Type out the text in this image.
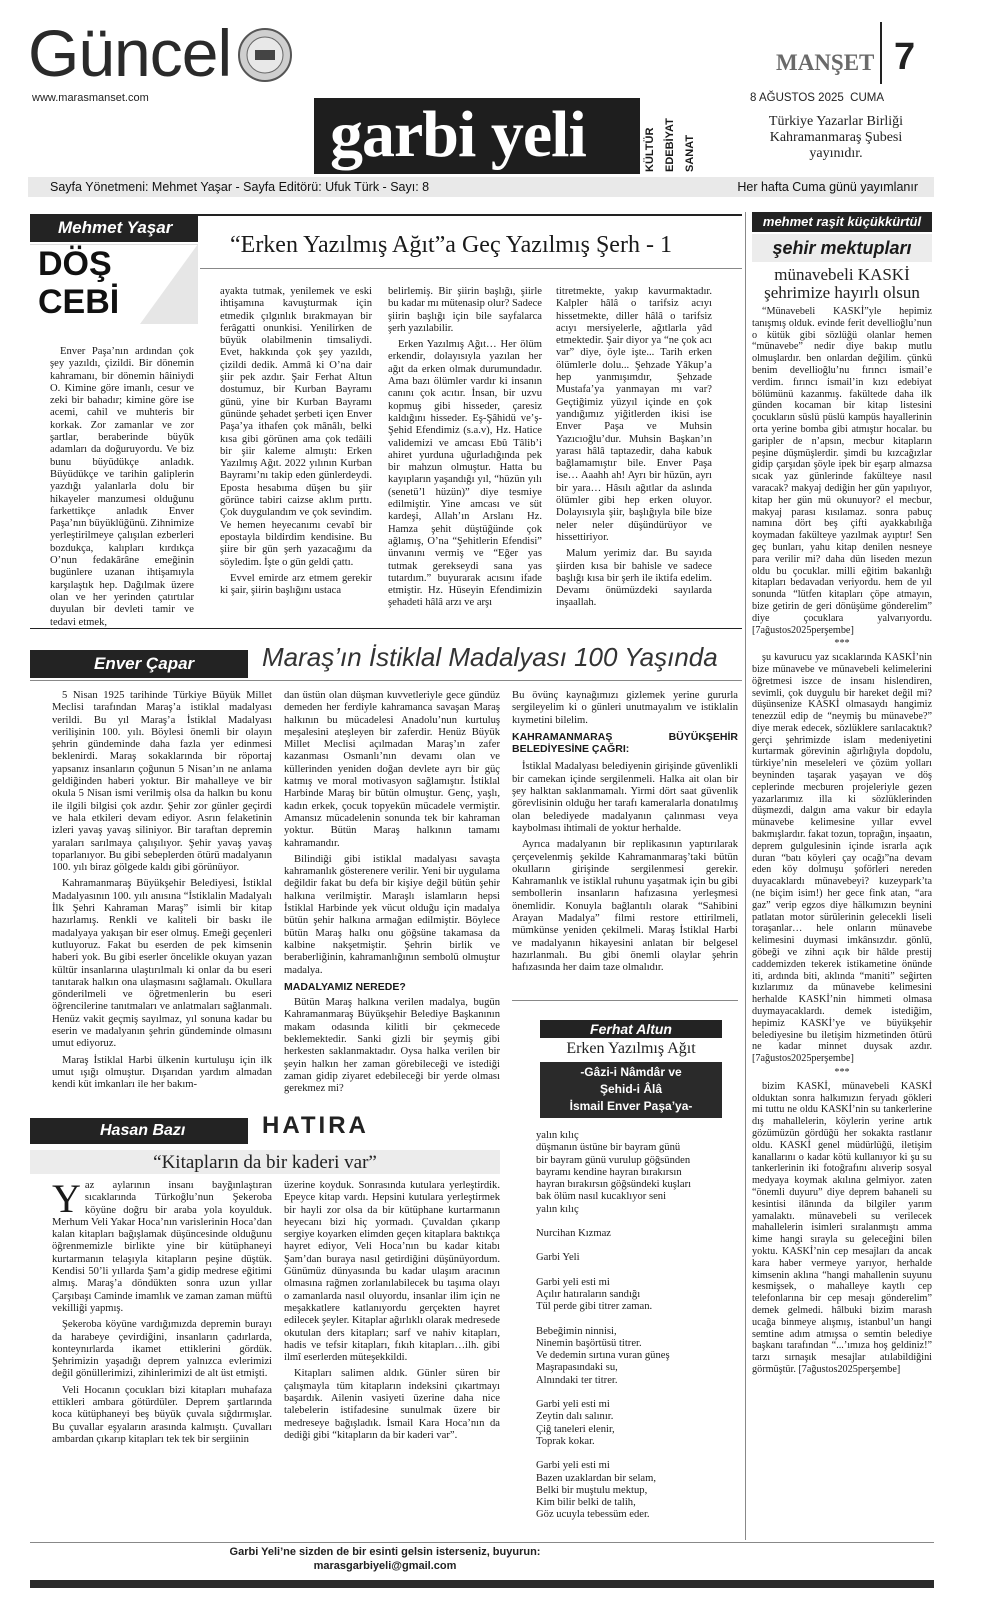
Güncel
www.marasmanset.com	garbi yeli	KÜLTÜR EDEBİYAT SANAT
MANŞET 7
8 AĞUSTOS 2025  CUMA
Türkiye Yazarlar Birliği Kahramanmaraş Şubesi yayınıdır.
Sayfa Yönetmeni: Mehmet Yaşar - Sayfa Editörü: Ufuk Türk - Sayı: 8	Her hafta Cuma günü yayımlanır
Mehmet Yaşar
DÖŞ
CEBİ
“Erken Yazılmış Ağıt”a Geç Yazılmış Şerh - 1

Enver Paşa’nın ardından çok şey yazıldı, çizildi. Bir dönemin kahramanı, bir dönemin hâiniydi O. Kimine göre imanlı, cesur ve zeki bir bahadır; kimine göre ise acemi, cahil ve muhteris bir korkak. Zor zamanlar ve zor şartlar, beraberinde büyük adamları da doğuruyordu. Ve biz bunu büyüdükçe anladık. Büyüdükçe ve tarihin galiplerin yazdığı yalanlarla dolu bir hikayeler manzumesi olduğunu farkettikçe anladık Enver Paşa’nın büyüklüğünü. Zihnimize yerleştirilmeye çalışılan ezberleri bozdukça, kalıpları kırdıkça O’nun fedakârâne emeğinin bugünlere uzanan ihtişamıyla karşılaştık hep. Dağılmak üzere olan ve her yerinden çatırtılar duyulan bir devleti tamir ve tedavi etmek,

ayakta tutmak, yenilemek ve eski ihtişamına kavuşturmak için etmedik çılgınlık bırakmayan bir ferâgatti onunkisi. Yenilirken de büyük olabilmenin timsaliydi. Evet, hakkında çok şey yazıldı, çizildi dedik. Ammâ ki O’na dair şiir pek azdır. Şair Ferhat Altun dostumuz, bir Kurban Bayramı günü, yine bir Kurban Bayramı gününde şehadet şerbeti içen Enver Paşa’ya ithafen çok mânâlı, belki kısa gibi görünen ama çok tedâili bir şiir kaleme almıştı: Erken Yazılmış Ağıt. 2022 yılının Kurban Bayramı’nı takip eden günlerdeydi. Eposta hesabıma düşen bu şiir görünce tabiri caizse aklım pırttı. Çok duygulandım ve çok sevindim. Ve hemen heyecanımı cevabî bir epostayla bildirdim kendisine. Bu şiire bir gün şerh yazacağımı da söyledim. İşte o gün geldi çattı.

Evvel emirde arz etmem gerekir ki şair, şiirin başlığını ustaca

belirlemiş. Bir şiirin başlığı, şiirle bu kadar mı mütenasip olur? Sadece şiirin başlığı için bile sayfalarca şerh yazılabilir.

Erken Yazılmış Ağıt… Her ölüm erkendir, dolayısıyla yazılan her ağıt da erken olmak durumundadır. Ama bazı ölümler vardır ki insanın canını çok acıtır. İnsan, bir uzvu kopmuş gibi hisseder, çaresiz kaldığını hisseder. Eş-Şâhidü ve’ş-Şehid Efendimiz (s.a.v), Hz. Hatice validemizi ve amcası Ebû Tâlib’i ahiret yurduna uğurladığında pek bir mahzun olmuştur. Hatta bu kayıpların yaşandığı yıl, “hüzün yılı (senetü’l hüzün)” diye tesmiye edilmiştir. Yine amcası ve süt kardeşi, Allah’ın Arslanı Hz. Hamza şehit düştüğünde çok ağlamış, O’na “Şehitlerin Efendisi” ünvanını vermiş ve “Eğer yas tutmak gerekseydi sana yas tutardım.” buyurarak acısını ifade etmiştir. Hz. Hüseyin Efendimizin şehadeti hâlâ arzı ve arşı

titretmekte, yakıp kavurmaktadır. Kalpler hâlâ o tarifsiz acıyı hissetmekte, diller hâlâ o tarifsiz acıyı mersiyelerle, ağıtlarla yâd etmektedir. Şair diyor ya “ne çok acı var” diye, öyle işte... Tarih erken ölümlerle dolu... Şehzade Yâkup’a hep yanmışımdır, Şehzade Mustafa’ya yanmayan mı var? Geçtiğimiz yüzyıl içinde en çok yandığımız yiğitlerden ikisi ise Enver Paşa ve Muhsin Yazıcıoğlu’dur. Muhsin Başkan’ın yarası hâlâ taptazedir, daha kabuk bağlamamıştır bile. Enver Paşa ise… Aaahh ah! Ayrı bir hüzün, ayrı bir yara… Hâsılı ağıtlar da aslında ölümler gibi hep erken oluyor. Dolayısıyla şiir, başlığıyla bile bize neler neler düşündürüyor ve hissettiriyor.

Malum yerimiz dar. Bu sayıda şiirden kısa bir bahisle ve sadece başlığı kısa bir şerh ile iktifa edelim. Devamı önümüzdeki sayılarda inşaallah.

mehmet raşit küçükkürtül
şehir mektupları
münavebeli KASKİ şehrimize hayırlı olsun

“Münavebeli KASKİ”yle hepimiz tanışmış olduk. evinde ferit devellioğlu’nun o kütük gibi sözlüğü olanlar hemen “münavebe” nedir diye bakıp mutlu olmuşlardır. ben onlardan değilim. çünkü benim devellioğlu’nu fırıncı ismail’e verdim. fırıncı ismail’in kızı edebiyat bölümünü kazanmış. fakültede daha ilk günden kocaman bir kitap listesini çocukların süslü püslü kampüs hayallerinin orta yerine bomba gibi atmıştır hocalar. bu garipler de n’apsın, mecbur kitapların peşine düşmüşlerdir. şimdi bu kızcağızlar gidip çarşıdan şöyle ipek bir eşarp almazsa sıcak yaz günlerinde fakülteye nasıl varacak? makyaj dediğin her gün yapılıyor, kitap her gün mü okunuyor? el mecbur, makyaj parası kısılamaz. sonra pabuç namına dört beş çifti ayakkabılığa koymadan fakülteye yazılmak ayıptır! Sen geç bunları, yahu kitap denilen nesneye para verilir mi? daha dün liseden mezun oldu bu çocuklar. milli eğitim bakanlığı kitapları bedavadan veriyordu. hem de yıl sonunda “lütfen kitapları çöpe atmayın, bize getirin de geri dönüşüme gönderelim” diye çocuklara yalvarıyordu. [7ağustos2025perşembe]

***

şu kavurucu yaz sıcaklarında KASKİ’nin bize münavebe ve münavebeli kelimelerini öğretmesi iszce de insanı hislendiren, sevimli, çok duygulu bir hareket değil mi? düşünsenize KASKİ olmasaydı hangimiz tenezzül edip de “neymiş bu münavebe?” diye merak edecek, sözlüklere sarılacaktık? gerçi şehrimizde islam medeniyetini kurtarmak görevinin ağırlığıyla dopdolu, türkiye’nin meseleleri ve çözüm yolları beyninden taşarak yaşayan ve döş ceplerinde mecburen projeleriyle gezen yazarlarımız illa ki sözlüklerinden düşmezdi, dalgın ama vakur bir edayla münavebe kelimesine yıllar evvel bakmışlardır. fakat tozun, toprağın, inşaatın, deprem gulgulesinin içinde israrla açık duran “batı köyleri çay ocağı”na devam eden köy dolmuşu şoförleri nereden duyacaklardı münavebeyi? kuzeypark’ta (ne biçim isim!) her gece fink atan, “ara gaz” verip egzos diye hälkımızın beynini patlatan motor sürülerinin gelecekli liseli toraşanlar… hele onların münavebe kelimesini duymasi imkânsızdır. gönlü, göbeği ve zihni açık bir hâlde prestij caddemizden tekerek istikametine önünde iti, ardında biti, aklında “maniti” seğirten kızlarımız da münavebe kelimesini herhalde KASKİ’nin himmeti olmasa duymayacaklardı. demek istediğim, hepimiz KASKİ’ye ve büyükşehir belediyesine bu iletişim hizmetinden ötürü ne kadar minnet duysak azdır. [7ağustos2025perşembe]

***

bizim KASKİ, münavebeli KASKİ olduktan sonra halkımızın feryadı gökleri mi tuttu ne oldu KASKİ’nin su tankerlerine dış mahallelerin, köylerin yerine artık gözümüzün gördüğü her sokakta rastlanır oldu. KASKİ genel müdürlüğü, iletişim kanallarını o kadar kötü kullanıyor ki şu su tankerlerinin iki fotoğrafını alıverip sosyal medyaya koymak akılına gelmiyor. zaten “önemli duyuru” diye deprem bahaneli su kesintisi ilânında da bilgiler yarım yamalaktı. münavebeli su verilecek mahallelerin isimleri sıralanmıştı amma kime hangi sırayla su geleceğini bilen yoktu. KASKİ’nin cep mesajları da ancak kara haber vermeye yarıyor, herhalde kimsenin aklına “hangi mahallenin suyunu kesmişsek, o mahalleye kaytlı cep telefonlarına bir cep mesajı gönderelim” demek gelmedi. hâlbuki bizim marash ucağa binmeye alışmış, istanbul’un hangi semtine adım atmışsa o semtin belediye başkanı tarafından “...’ımıza hoş geldiniz!” tarzı sırnaşık mesajlar atılabildiğini görmüştür. [7ağustos2025perşembe]

Enver Çapar	Maraş’ın İstiklal Madalyası 100 Yaşında

5 Nisan 1925 tarihinde Türkiye Büyük Millet Meclisi tarafından Maraş’a istiklal madalyası verildi. Bu yıl Maraş’a İstiklal Madalyası verilişinin 100. yılı. Böylesi önemli bir olayın şehrin gündeminde daha fazla yer edinmesi beklenirdi. Maraş sokaklarında bir röportaj yapsanız insanların çoğunun 5 Nisan’ın ne anlama geldiğinden haberi yoktur. Bir mahalleye ve bir okula 5 Nisan ismi verilmiş olsa da halkın bu konu ile ilgili bilgisi çok azdır. Şehir zor günler geçirdi ve hala etkileri devam ediyor. Asrın felaketinin izleri yavaş yavaş siliniyor. Bir taraftan depremin yaraları sarılmaya çalışılıyor. Şehir yavaş yavaş toparlanıyor. Bu gibi sebeplerden ötürü madalyanın 100. yılı biraz gölgede kaldı gibi görünüyor.

Kahramanmaraş Büyükşehir Belediyesi, İstiklal Madalyasının 100. yılı anısına “İstiklalin Madalyalı İlk Şehri Kahraman Maraş” isimli bir kitap hazırlamış. Renkli ve kaliteli bir baskı ile madalyaya yakışan bir eser olmuş. Emeği geçenleri kutluyoruz. Fakat bu eserden de pek kimsenin haberi yok. Bu gibi eserler öncelikle okuyan yazan kültür insanlarına ulaştırılmalı ki onlar da bu eseri tanıtarak halkın ona ulaşmasını sağlamalı. Okullara gönderilmeli ve öğretmenlerin bu eseri öğrencilerine tanıtmaları ve anlatmaları sağlanmalı. Henüz vakit geçmiş sayılmaz, yıl sonuna kadar bu eserin ve madalyanın şehrin gündeminde olmasını umut ediyoruz.

Maraş İstiklal Harbi ülkenin kurtuluşu için ilk umut ışığı olmuştur. Dışarıdan yardım almadan kendi küt imkanları ile her bakım-

dan üstün olan düşman kuvvetleriyle gece gündüz demeden her ferdiyle kahramanca savaşan Maraş halkının bu mücadelesi Anadolu’nun kurtuluş meşalesini ateşleyen bir zaferdir. Henüz Büyük Millet Meclisi açılmadan Maraş’ın zafer kazanması Osmanlı’nın devamı olan ve küllerinden yeniden doğan devlete ayrı bir güç katmış ve moral motivasyon sağlamıştır. İstiklal Harbinde Maraş bir bütün olmuştur. Genç, yaşlı, kadın erkek, çocuk topyekün mücadele vermiştir. Amansız mücadelenin sonunda tek bir kahraman yoktur. Bütün Maraş halkının tamamı kahramandır.

Bilindiği gibi istiklal madalyası savaşta kahramanlık gösterenere verilir. Yeni bir uygulama değildir fakat bu defa bir kişiye değil bütün şehir halkına verilmiştir. Maraşlı islamların hepsi İstiklal Harbinde yek vücut olduğu için madalya bütün şehir halkına armağan edilmiştir. Böylece bütün Maraş halkı onu göğsüne takamasa da kalbine nakşetmiştir. Şehrin birlik ve beraberliğinin, kahramanlığının sembolü olmuştur madalya.

MADALYAMIZ NEREDE?

Bütün Maraş halkına verilen madalya, bugün Kahramanmaraş Büyükşehir Belediye Başkanının makam odasında kilitli bir çekmecede beklemektedir. Sanki gizli bir şeymiş gibi herkesten saklanmaktadır. Oysa halka verilen bir şeyin halkın her zaman görebileceği ve istediği zaman gidip ziyaret edebileceği bir yerde olması gerekmez mi?

Bu övünç kaynağımızı gizlemek yerine gururla sergileyelim ki o günleri unutmayalım ve istiklalin kıymetini bilelim.

KAHRAMANMARAŞ BÜYÜKŞEHİR BELEDİYESİNE ÇAĞRI:

İstiklal Madalyası belediyenin girişinde güvenlikli bir camekan içinde sergilenmeli. Halka ait olan bir şey halktan saklanmamalı. Yirmi dört saat güvenlik görevlisinin olduğu her tarafı kameralarla donatılmış olan belediyede madalyanın çalınması veya kaybolması ihtimali de yoktur herhalde.

Ayrıca madalyanın bir replikasının yaptırılarak çerçevelenmiş şekilde Kahramanmaraş’taki bütün okulların girişinde sergilenmesi gerekir. Kahramanlık ve istiklal ruhunu yaşatmak için bu gibi sembollerin insanların hafızasına yerleşmesi önemlidir. Konuyla bağlantılı olarak “Sahibini Arayan Madalya” filmi restore ettirilmeli, mümkünse yeniden çekilmeli. Maraş İstiklal Harbi ve madalyanın hikayesini anlatan bir belgesel hazırlanmalı. Bu gibi önemli olaylar şehrin hafızasında her daim taze olmalıdır.

Ferhat Altun
Erken Yazılmış Ağıt
-Gâzi-i Nâmdâr ve
Şehid-i Âlâ
İsmail Enver Paşa’ya-
yalın kılıç
düşmanın üstüne bir bayram günü
bir bayram günü vurulup göğsünden
bayramı kendine hayran bırakırsın
hayran bırakırsın göğsündeki kuşları
bak ölüm nasıl kucaklıyor seni
yalın kılıç
Nurcihan Kızmaz
Garbi Yeli
Garbi yeli esti mi
Açılır hatıraların sandığı
Tül perde gibi titrer zaman.
Bebeğimin ninnisi,
Ninemin başörtüsü titrer.
Ve dedemin sırtına vuran güneş
Maşrapasındaki su,
Alnındaki ter titrer.
Garbi yeli esti mi
Zeytin dalı salınır.
Çiğ taneleri elenir,
Toprak kokar.
Garbi yeli esti mi
Bazen uzaklardan bir selam,
Belki bir muştulu mektup,
Kim bilir belki de talih,
Göz ucuyla tebessüm eder.
Hasan Bazı	HATIRA
“Kitapların da bir kaderi var”
Y az aylarının insanı bayğınlaştıran sıcaklarında Türkoğlu’nun Şekeroba köyüne doğru bir araba yola koyulduk. Merhum Veli Yakar Hoca’nın varislerinin Hoca’dan kalan kitapları bağışlamak düşüncesinde olduğunu öğrenmemizle birlikte yine bir kütüphaneyi kurtarmanın telaşıyla kitapların peşine düştük. Kendisi 50’li yıllarda Şam’a gidip medrese eğitimi almış. Maraş’a döndükten sonra uzun yıllar Çarşıbaşı Caminde imamlık ve zaman zaman müftü vekilliği yapmış.

Şekeroba köyüne vardığımızda depremin burayı da harabeye çevirdiğini, insanların çadırlarda, konteynırlarda ikamet ettiklerini gördük. Şehrimizin yaşadığı deprem yalnızca evlerimizi değil gönüllerimizi, zihinlerimizi de alt üst etmişti.

Veli Hocanın çocukları bizi kitapları muhafaza ettikleri ambara götürdüler. Deprem şartlarında koca kütüphaneyi beş büyük çuvala sığdırmışlar. Bu çuvallar eşyaların arasında kalmıştı. Çuvalları ambardan çıkarıp kitapları tek tek bir sergiinin

üzerine koyduk. Sonrasında kutulara yerleştirdik. Epeyce kitap vardı. Hepsini kutulara yerleştirmek bir hayli zor olsa da bir kütüphane kurtarmanın heyecanı bizi hiç yormadı. Çuvaldan çıkarıp sergiye koyarken elimden geçen kitaplara baktıkça hayret ediyor, Veli Hoca’nın bu kadar kitabı Şam’dan buraya nasıl getirdiğini düşünüyordum. Günümüz dünyasında bu kadar ulaşım aracının olmasına rağmen zorlanılabilecek bu taşıma olayı o zamanlarda nasıl oluyordu, insanlar ilim için ne meşakkatlere katlanıyordu gerçekten hayret edilecek şeyler. Kitaplar ağırlıklı olarak medresede okutulan ders kitapları; sarf ve nahiv kitapları, hadis ve tefsir kitapları, fıkıh kitapları…ilh. gibi ilmî eserlerden müteşekkildi.

Kitapları salimen aldık. Günler süren bir çalışmayla tüm kitapların indeksini çıkartmayı başardık. Ailenin vasiyeti üzerine daha nice talebelerin istifadesine sunulmak üzere bir medreseye bağışladık. İsmail Kara Hoca’nın da dediği gibi “kitapların da bir kaderi var”.

Garbi Yeli’ne sizden de bir esinti gelsin isterseniz, buyurun:
marasgarbiyeli@gmail.com
